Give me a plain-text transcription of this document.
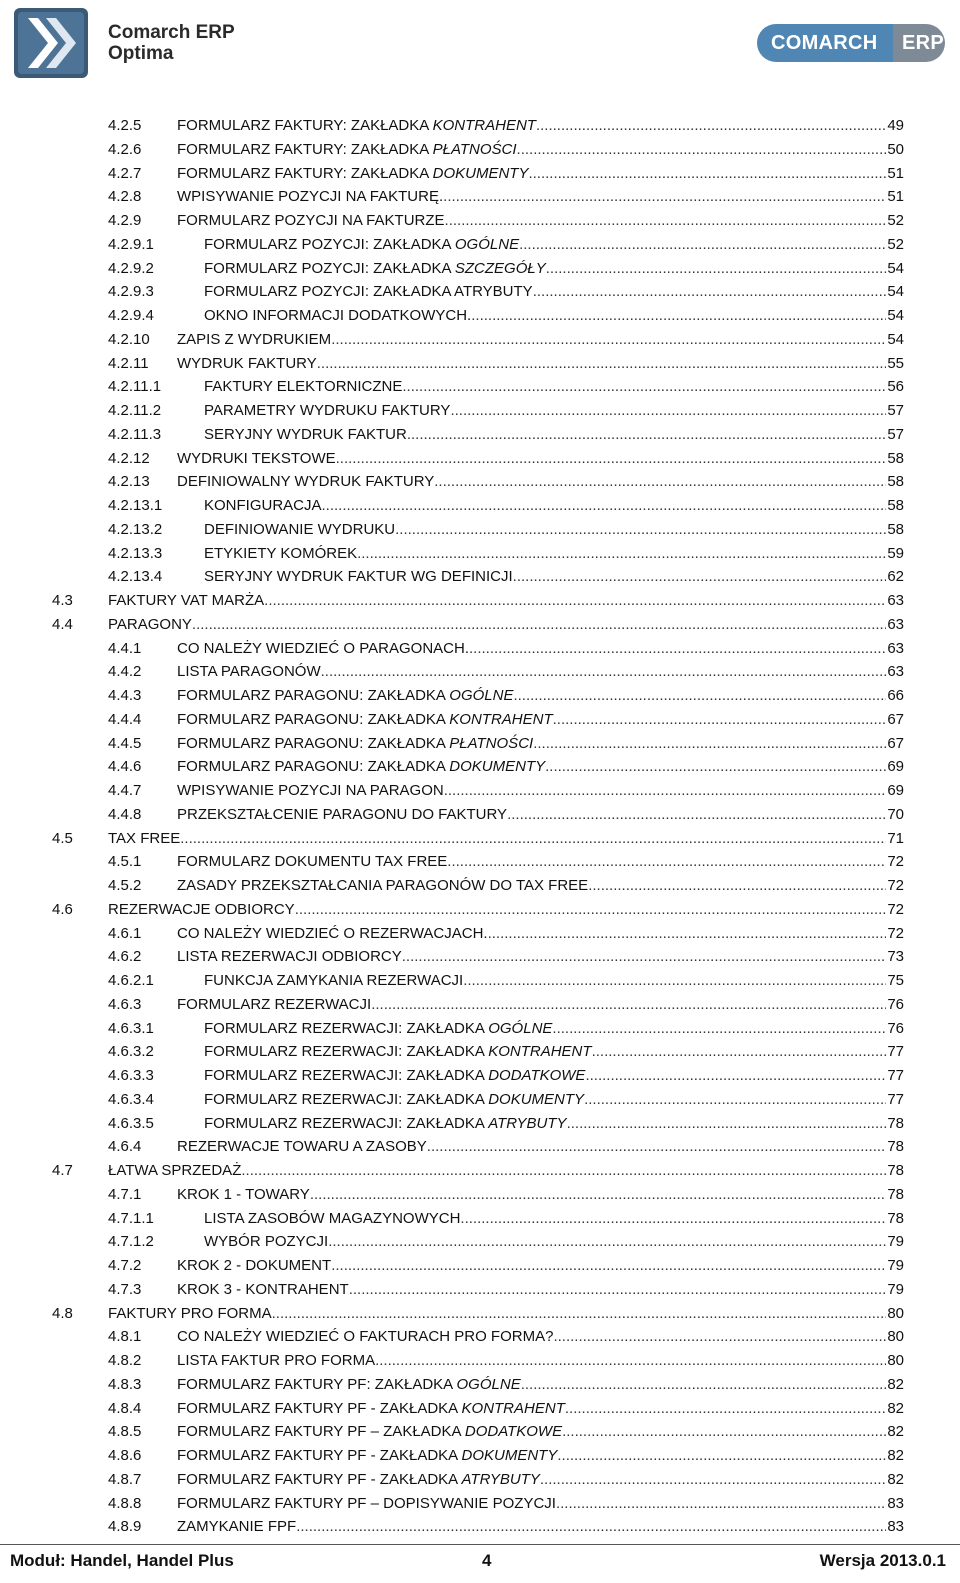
Comarch ERP
Optima	COMARCH ERP
4.2.5 FORMULARZ FAKTURY: ZAKŁADKA KONTRAHENT .....	49
4.2.6 FORMULARZ FAKTURY: ZAKŁADKA PŁATNOŚCI .....	50
4.2.7 FORMULARZ FAKTURY: ZAKŁADKA DOKUMENTY .....	51
4.2.8 WPISYWANIE POZYCJI NA FAKTURĘ. .....	51
4.2.9 FORMULARZ POZYCJI NA FAKTURZE .....	52
4.2.9.1	FORMULARZ POZYCJI: ZAKŁADKA OGÓLNE .....	52
4.2.9.2	FORMULARZ POZYCJI: ZAKŁADKA SZCZEGÓŁY .....	54
4.2.9.3	FORMULARZ POZYCJI: ZAKŁADKA ATRYBUTY .....	54
4.2.9.4	OKNO INFORMACJI DODATKOWYCH. .....	54
4.2.10 ZAPIS Z WYDRUKIEM .....	54
4.2.11 WYDRUK FAKTURY .....	55
4.2.11.1	FAKTURY ELEKTORNICZNE .....	56
4.2.11.2	PARAMETRY WYDRUKU FAKTURY .....	57
4.2.11.3	SERYJNY WYDRUK FAKTUR .....	57
4.2.12 WYDRUKI TEKSTOWE .....	58
4.2.13 DEFINIOWALNY WYDRUK FAKTURY .....	58
4.2.13.1	KONFIGURACJA .....	58
4.2.13.2	DEFINIOWANIE WYDRUKU .....	58
4.2.13.3	ETYKIETY KOMÓREK .....	59
4.2.13.4	SERYJNY WYDRUK FAKTUR WG DEFINICJI .....	62
4.3 FAKTURY VAT MARŻA .....	63
4.4 PARAGONY .....	63
4.4.1 CO NALEŻY WIEDZIEĆ O PARAGONACH. .....	63
4.4.2 LISTA PARAGONÓW .....	63
4.4.3 FORMULARZ PARAGONU: ZAKŁADKA OGÓLNE .....	66
4.4.4 FORMULARZ PARAGONU: ZAKŁADKA KONTRAHENT .....	67
4.4.5 FORMULARZ PARAGONU: ZAKŁADKA PŁATNOŚCI .....	67
4.4.6 FORMULARZ PARAGONU: ZAKŁADKA DOKUMENTY .....	69
4.4.7 WPISYWANIE POZYCJI NA PARAGON .....	69
4.4.8 PRZEKSZTAŁCENIE PARAGONU DO FAKTURY .....	70
4.5 TAX FREE .....	71
4.5.1 FORMULARZ DOKUMENTU TAX FREE .....	72
4.5.2 ZASADY PRZEKSZTAŁCANIA PARAGONÓW DO TAX FREE .....	72
4.6 REZERWACJE ODBIORCY .....	72
4.6.1 CO NALEŻY WIEDZIEĆ O REZERWACJACH. .....	72
4.6.2 LISTA REZERWACJI ODBIORCY .....	73
4.6.2.1	FUNKCJA ZAMYKANIA REZERWACJI .....	75
4.6.3 FORMULARZ REZERWACJI .....	76
4.6.3.1	FORMULARZ REZERWACJI: ZAKŁADKA OGÓLNE .....	76
4.6.3.2	FORMULARZ REZERWACJI: ZAKŁADKA KONTRAHENT .....	77
4.6.3.3	FORMULARZ REZERWACJI: ZAKŁADKA DODATKOWE .....	77
4.6.3.4	FORMULARZ REZERWACJI: ZAKŁADKA DOKUMENTY .....	77
4.6.3.5	FORMULARZ REZERWACJI: ZAKŁADKA ATRYBUTY .....	78
4.6.4 REZERWACJE TOWARU A ZASOBY .....	78
4.7 ŁATWA SPRZEDAŻ .....	78
4.7.1 KROK 1 - TOWARY .....	78
4.7.1.1	LISTA ZASOBÓW MAGAZYNOWYCH .....	78
4.7.1.2	WYBÓR POZYCJI .....	79
4.7.2 KROK 2 - DOKUMENT .....	79
4.7.3 KROK 3 - KONTRAHENT .....	79
4.8 FAKTURY PRO FORMA .....	80
4.8.1 CO NALEŻY WIEDZIEĆ O FAKTURACH PRO FORMA? .....	80
4.8.2 LISTA FAKTUR PRO FORMA .....	80
4.8.3 FORMULARZ FAKTURY PF: ZAKŁADKA OGÓLNE .....	82
4.8.4 FORMULARZ FAKTURY PF - ZAKŁADKA KONTRAHENT .....	82
4.8.5 FORMULARZ FAKTURY PF – ZAKŁADKA DODATKOWE .....	82
4.8.6 FORMULARZ FAKTURY PF - ZAKŁADKA DOKUMENTY .....	82
4.8.7 FORMULARZ FAKTURY PF - ZAKŁADKA ATRYBUTY .....	82
4.8.8 FORMULARZ FAKTURY PF – DOPISYWANIE POZYCJI .....	83
4.8.9 ZAMYKANIE FPF .....	83
Moduł: Handel, Handel Plus	4	Wersja 2013.0.1
